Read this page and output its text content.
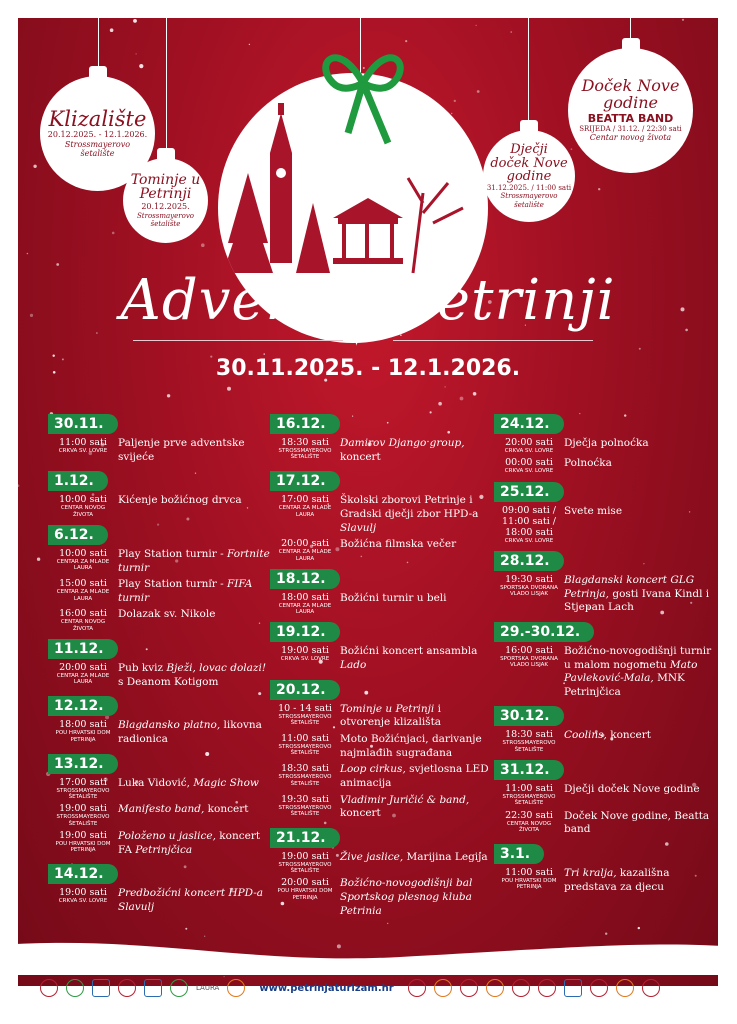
Klizalište
20.12.2025. - 12.1.2026.
Strossmayerovo šetalište
Tominje u Petrinji
20.12.2025.
Strossmayerovo šetalište
Dječji doček Nove godine
31.12.2025. / 11:00 sati
Strossmayerovo šetalište
Doček Nove godine
BEATTA BAND
SRIJEDA / 31.12. / 22:30 sati
Centar novog života
Advent u Petrinji
✦
30.11.2025. - 12.1.2026.
30.11.
11:00 sati
CRKVA SV. LOVRE
Paljenje prve adventske svijeće
1.12.
10:00 sati
CENTAR NOVOG ŽIVOTA
Kićenje božićnog drvca
6.12.
10:00 sati
CENTAR ZA MLADE LAURA
Play Station turnir - Fortnite turnir
15:00 sati
CENTAR ZA MLADE LAURA
Play Station turnir - FIFA turnir
16:00 sati
CENTAR NOVOG ŽIVOTA
Dolazak sv. Nikole
11.12.
20:00 sati
CENTAR ZA MLADE LAURA
Pub kviz Bježi, lovac dolazi! s Deanom Kotigom
12.12.
18:00 sati
POU HRVATSKI DOM PETRINJA
Blagdansko platno, likovna radionica
13.12.
17:00 sati
STROSSMAYEROVO ŠETALIŠTE
Luka Vidović, Magic Show
19:00 sati
STROSSMAYEROVO ŠETALIŠTE
Manifesto band, koncert
19:00 sati
POU HRVATSKI DOM PETRINJA
Položeno u jaslice, koncert FA Petrinjčica
14.12.
19:00 sati
CRKVA SV. LOVRE
Predbožićni koncert HPD-a Slavulj
16.12.
18:30 sati
STROSSMAYEROVO ŠETALIŠTE
Damirov Django group, koncert
17.12.
17:00 sati
CENTAR ZA MLADE LAURA
Školski zborovi Petrinje i Gradski dječji zbor HPD-a Slavulj
20:00 sati
CENTAR ZA MLADE LAURA
Božićna filmska večer
18.12.
18:00 sati
CENTAR ZA MLADE LAURA
Božićni turnir u beli
19.12.
19:00 sati
CRKVA SV. LOVRE
Božićni koncert ansambla Lado
20.12.
10 - 14 sati
STROSSMAYEROVO ŠETALIŠTE
Tominje u Petrinji i otvorenje klizališta
11:00 sati
STROSSMAYEROVO ŠETALIŠTE
Moto Božićnjaci, darivanje najmlađih sugrađana
18:30 sati
STROSSMAYEROVO ŠETALIŠTE
Loop cirkus, svjetlosna LED animacija
19:30 sati
STROSSMAYEROVO ŠETALIŠTE
Vladimir Juričić & band, koncert
21.12.
19:00 sati
STROSSMAYEROVO ŠETALIŠTE
Žive jaslice, Marijina Legija
20:00 sati
POU HRVATSKI DOM PETRINJA
Božićno-novogodišnji bal Sportskog plesnog kluba Petrinia
24.12.
20:00 sati
CRKVA SV. LOVRE
Dječja polnoćka
00:00 sati
CRKVA SV. LOVRE
Polnoćka
25.12.
09:00 sati / 11:00 sati / 18:00 sati
CRKVA SV. LOVRE
Svete mise
28.12.
19:30 sati
SPORTSKA DVORANA VLADO LISJAK
Blagdanski koncert GLG Petrinja, gosti Ivana Kindl i Stjepan Lach
29.-30.12.
16:00 sati
SPORTSKA DVORANA VLADO LISJAK
Božićno-novogodišnji turnir u malom nogometu Mato Pavleković-Mala, MNK Petrinjčica
30.12.
18:30 sati
STROSSMAYEROVO ŠETALIŠTE
Coolins, koncert
31.12.
11:00 sati
STROSSMAYEROVO ŠETALIŠTE
Dječji doček Nove godine
22:30 sati
CENTAR NOVOG ŽIVOTA
Doček Nove godine, Beatta band
3.1.
11:00 sati
POU HRVATSKI DOM PETRINJA
Tri kralja, kazališna predstava za djecu
LAURA	www.petrinjaturizam.hr
